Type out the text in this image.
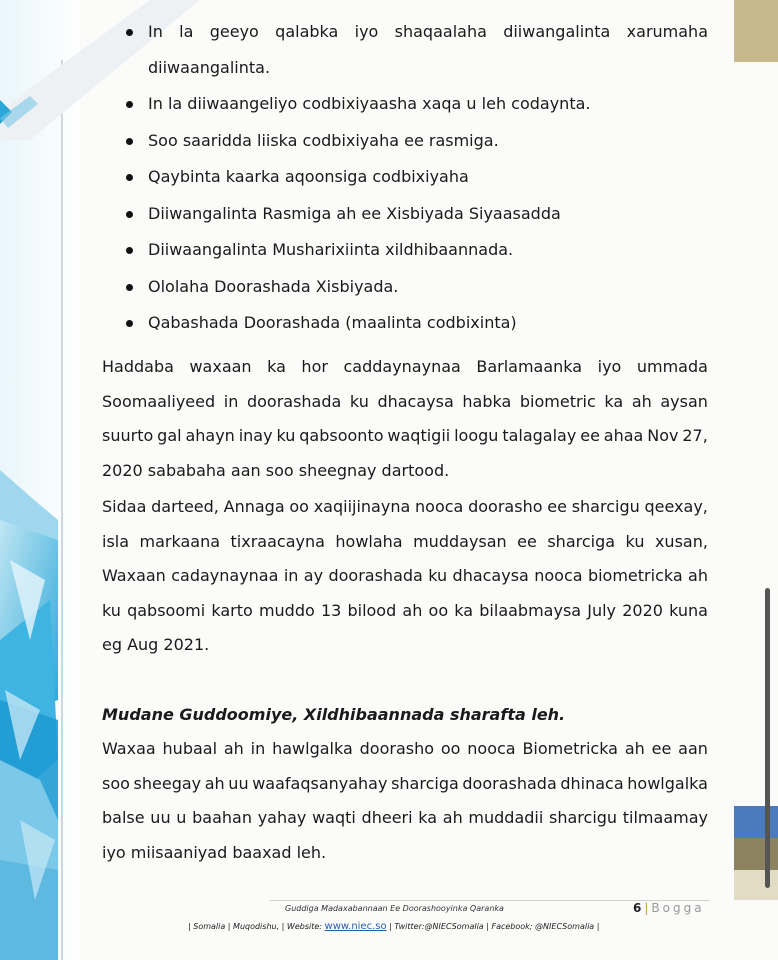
In la geeyo qalabka iyo shaqaalaha diiwangalinta xarumaha
diiwaangalinta.
In la diiwaangeliyo codbixiyaasha xaqa u leh codaynta.
Soo saaridda liiska codbixiyaha ee rasmiga.
Qaybinta kaarka aqoonsiga codbixiyaha
Diiwangalinta Rasmiga ah ee Xisbiyada Siyaasadda
Diiwaangalinta Musharixiinta xildhibaannada.
Ololaha Doorashada Xisbiyada.
Qabashada Doorashada (maalinta codbixinta)
Haddaba waxaan ka hor caddaynaynaa Barlamaanka iyo ummada
Soomaaliyeed in doorashada ku dhacaysa habka biometric ka ah aysan
suurto gal ahayn inay ku qabsoonto waqtigii loogu talagalay ee ahaa Nov 27,
2020 sababaha aan soo sheegnay dartood.
Sidaa darteed, Annaga oo xaqiijinayna nooca doorasho ee sharcigu qeexay,
isla markaana tixraacayna howlaha muddaysan ee sharciga ku xusan,
Waxaan cadaynaynaa in ay doorashada ku dhacaysa nooca biometricka ah
ku qabsoomi karto muddo 13 bilood ah oo ka bilaabmaysa July 2020 kuna
eg Aug 2021.
Mudane Guddoomiye, Xildhibaannada sharafta leh.
Waxaa hubaal ah in hawlgalka doorasho oo nooca Biometricka ah ee aan
soo sheegay ah uu waafaqsanyahay sharciga doorashada dhinaca howlgalka
balse uu u baahan yahay waqti dheeri ka ah muddadii sharcigu tilmaamay
iyo miisaaniyad baaxad leh.
Guddiga Madaxabannaan Ee Doorashooyinka Qaranka	6 | Bogga
| Somalia | Muqodishu, | Website: www.niec.so | Twitter:@NIECSomalia | Facebook; @NIECSomalia |
